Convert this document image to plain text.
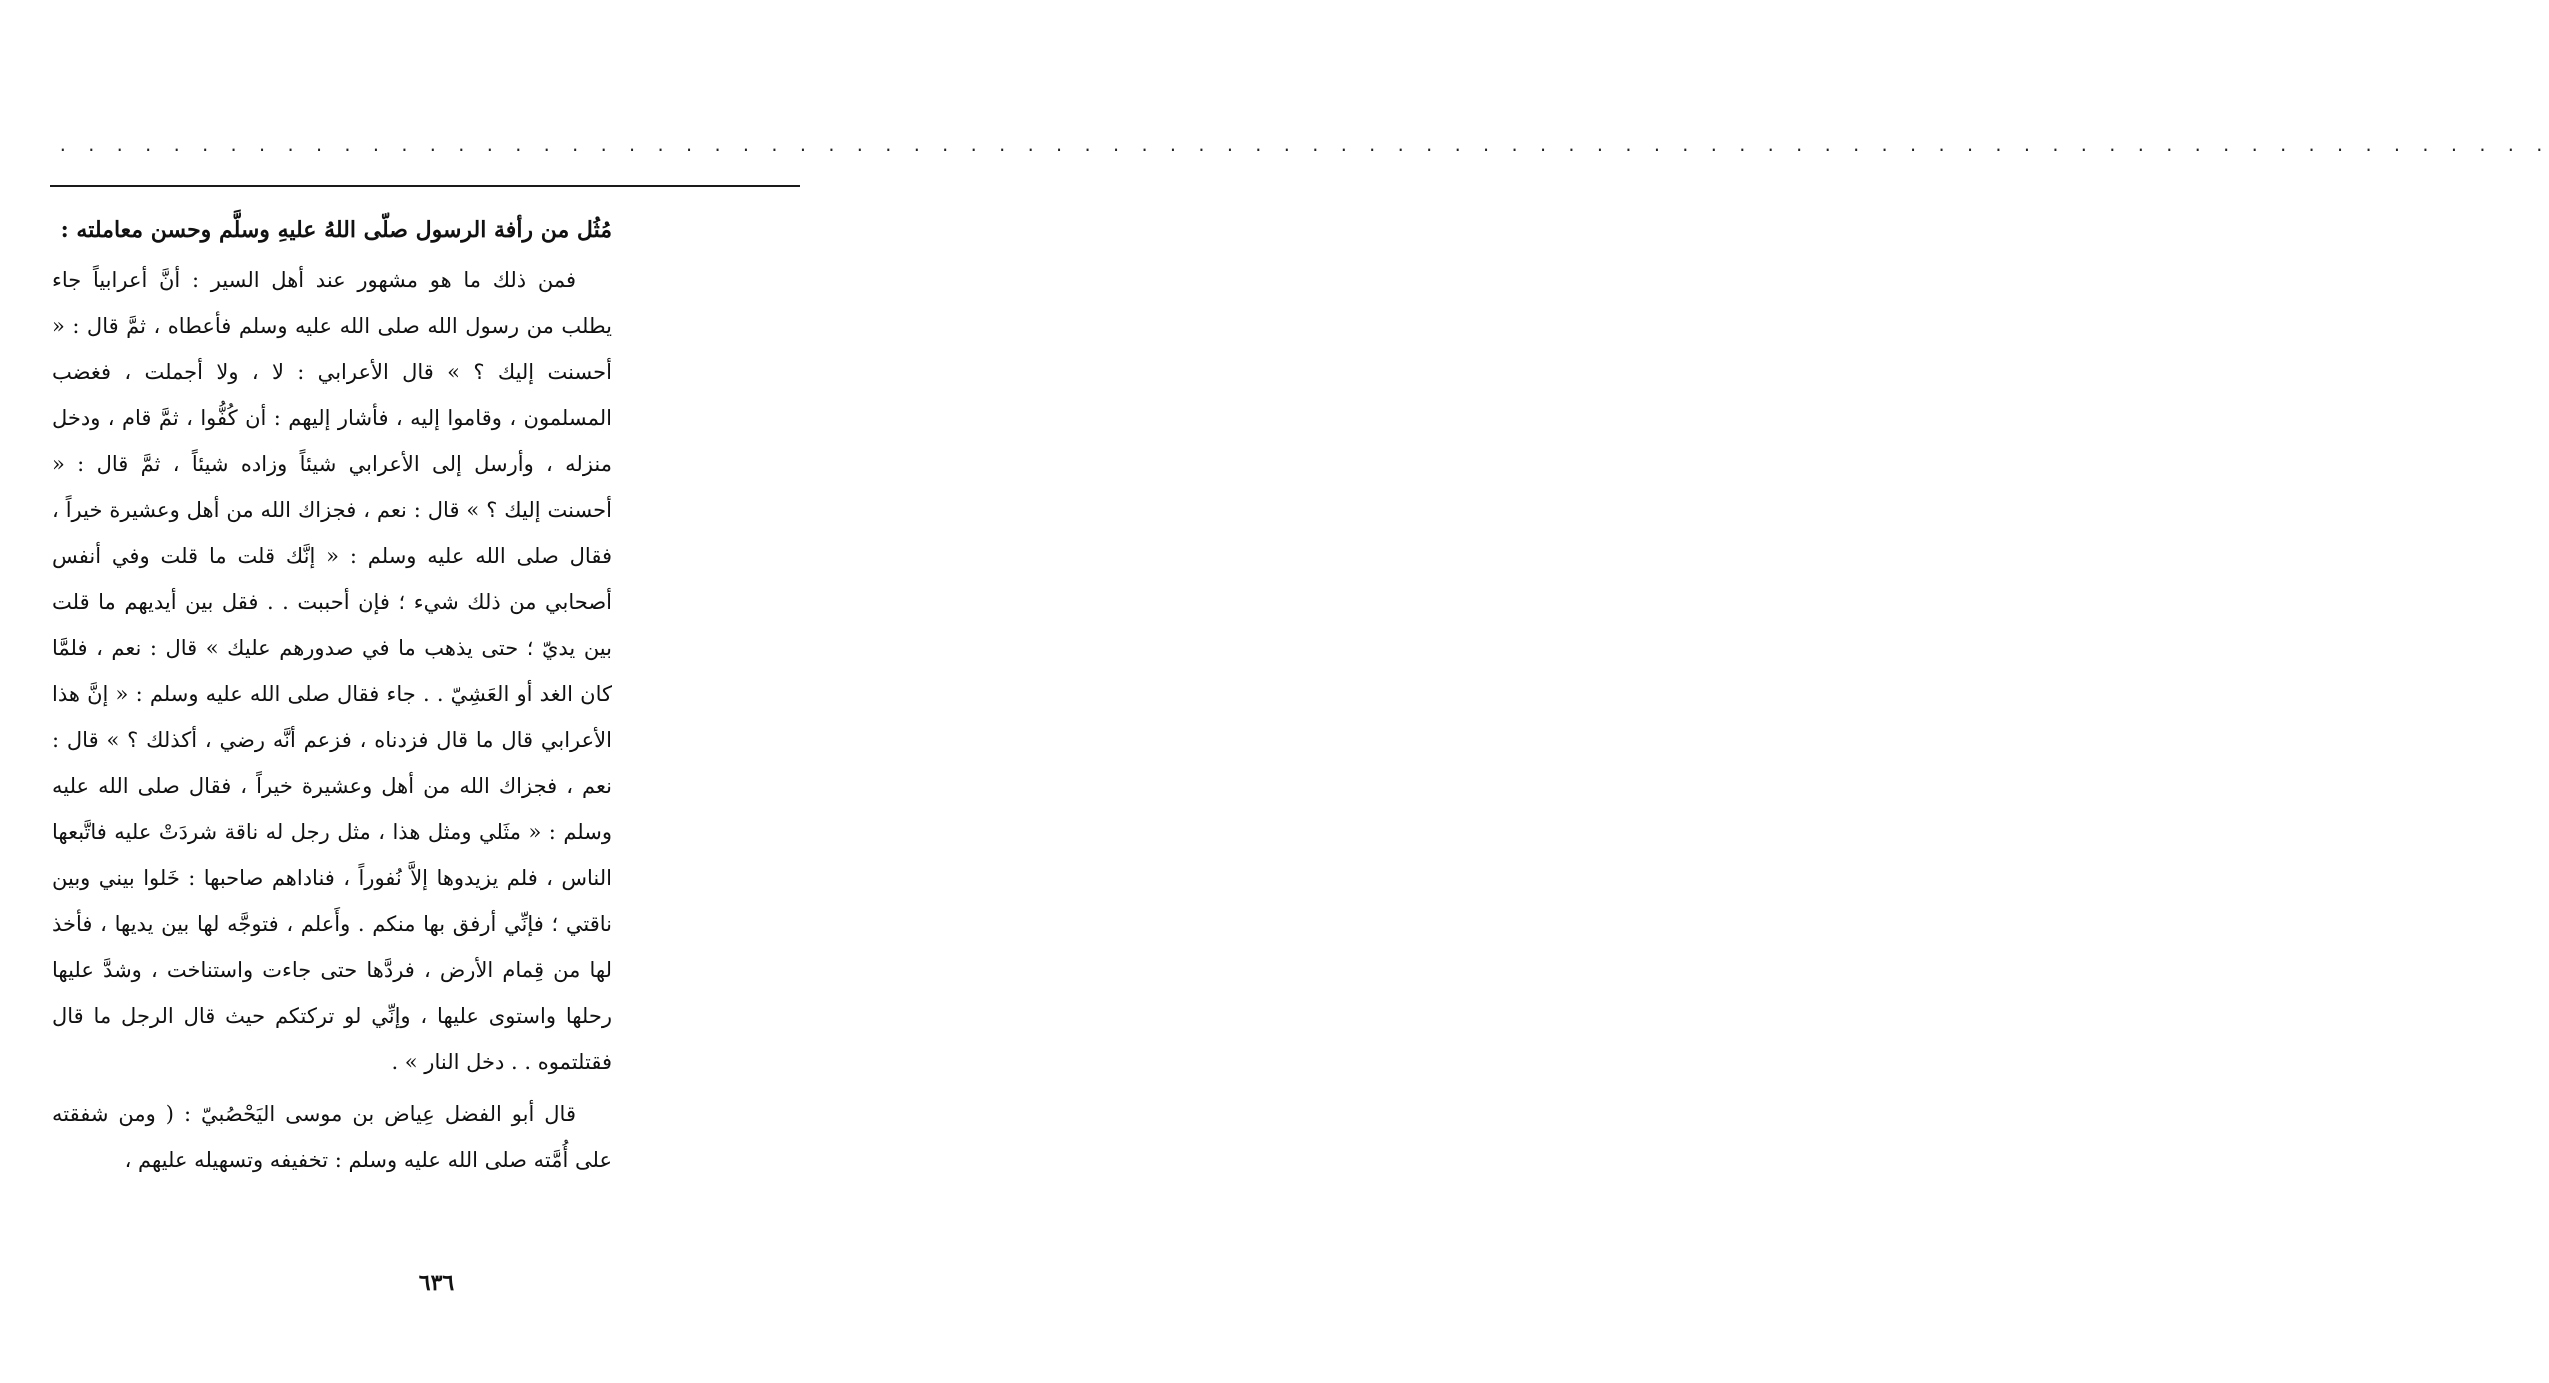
. . . . . . . . . . . . . . . . . . . . . . . . . . . . . . . . . . . . . . . . . . . . . . . . . . . . . . . . . . . . . . . . . . . . . . . . . . . . . . . . . . . . . . . .
مُثُل من رأفة الرسول صلّى اللهُ عليهِ وسلَّم وحسن معاملته :

فمن ذلك ما هو مشهور عند أهل السير : أنَّ أعرابياً جاء يطلب من رسول الله صلى الله عليه وسلم فأعطاه ، ثمَّ قال : « أحسنت إليك ؟ » قال الأعرابي : لا ، ولا أجملت ، فغضب المسلمون ، وقاموا إليه ، فأشار إليهم : أن كُفُّوا ، ثمَّ قام ، ودخل منزله ، وأرسل إلى الأعرابي شيئاً وزاده شيئاً ، ثمَّ قال : « أحسنت إليك ؟ » قال : نعم ، فجزاك الله من أهل وعشيرة خيراً ، فقال صلى الله عليه وسلم : « إنَّك قلت ما قلت وفي أنفس أصحابي من ذلك شيء ؛ فإن أحببت . . فقل بين أيديهم ما قلت بين يديّ ؛ حتى يذهب ما في صدورهم عليك » قال : نعم ، فلمَّا كان الغد أو العَشِيّ . . جاء فقال صلى الله عليه وسلم : « إنَّ هذا الأعرابي قال ما قال فزدناه ، فزعم أنَّه رضي ، أكذلك ؟ » قال : نعم ، فجزاك الله من أهل وعشيرة خيراً ، فقال صلى الله عليه وسلم : « مثَلي ومثل هذا ، مثل رجل له ناقة شردَتْ عليه فاتَّبعها الناس ، فلم يزيدوها إلاَّ نُفوراً ، فناداهم صاحبها : خَلوا بيني وبين ناقتي ؛ فإنِّي أرفق بها منكم . وأَعلم ، فتوجَّه لها بين يديها ، فأخذ لها من قِمام الأرض ، فردَّها حتى جاءت واستناخت ، وشدَّ عليها رحلها واستوى عليها ، وإنِّي لو تركتكم حيث قال الرجل ما قال فقتلتموه . . دخل النار » .

قال أبو الفضل عِياض بن موسى اليَحْصُبيّ : ( ومن شفقته على أُمَّته صلى الله عليه وسلم : تخفيفه وتسهيله عليهم ،

٦٣٦
